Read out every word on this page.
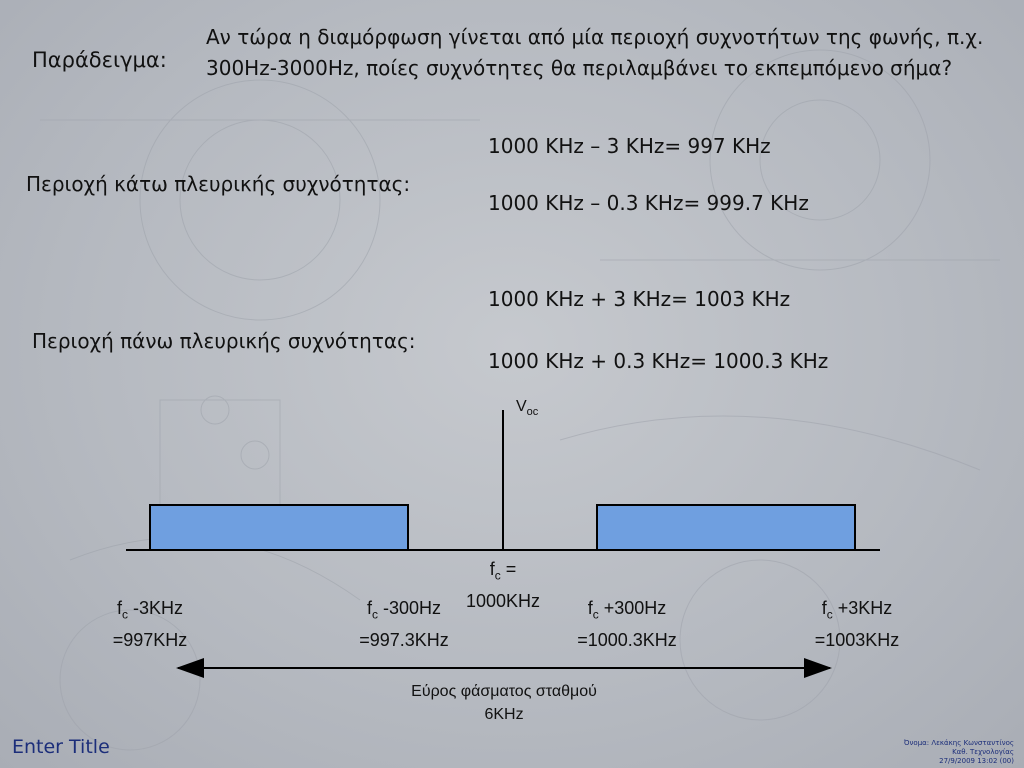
Παράδειγμα:
Αν τώρα η διαμόρφωση γίνεται από μία περιοχή συχνοτήτων της φωνής, π.χ. 300Hz-3000Hz, ποίες συχνότητες θα περιλαμβάνει το εκπεμπόμενο σήμα?
Περιοχή κάτω πλευρικής συχνότητας:
1000 KHz – 3 KHz= 997 KHz
1000 KHz – 0.3 KHz= 999.7 KHz
Περιοχή πάνω πλευρικής συχνότητας:
1000 KHz + 3 KHz= 1003 KHz
1000 KHz + 0.3 KHz= 1000.3 KHz
$V_{oc}$
$f_c$ =
1000KHz
$f_c$ -3KHz
=997KHz
$f_c$ -300Hz
=997.3KHz
$f_c +300Hz$
=1000.3KHz
$f_c +3KHz$
=1003KHz
Εύρος φάσματος σταθμού
6KHz
Enter Title	Όνομα: Λεκάκης Κωνσταντίνος
Καθ. Τεχνολογίας
27/9/2009 13:02 (00)
